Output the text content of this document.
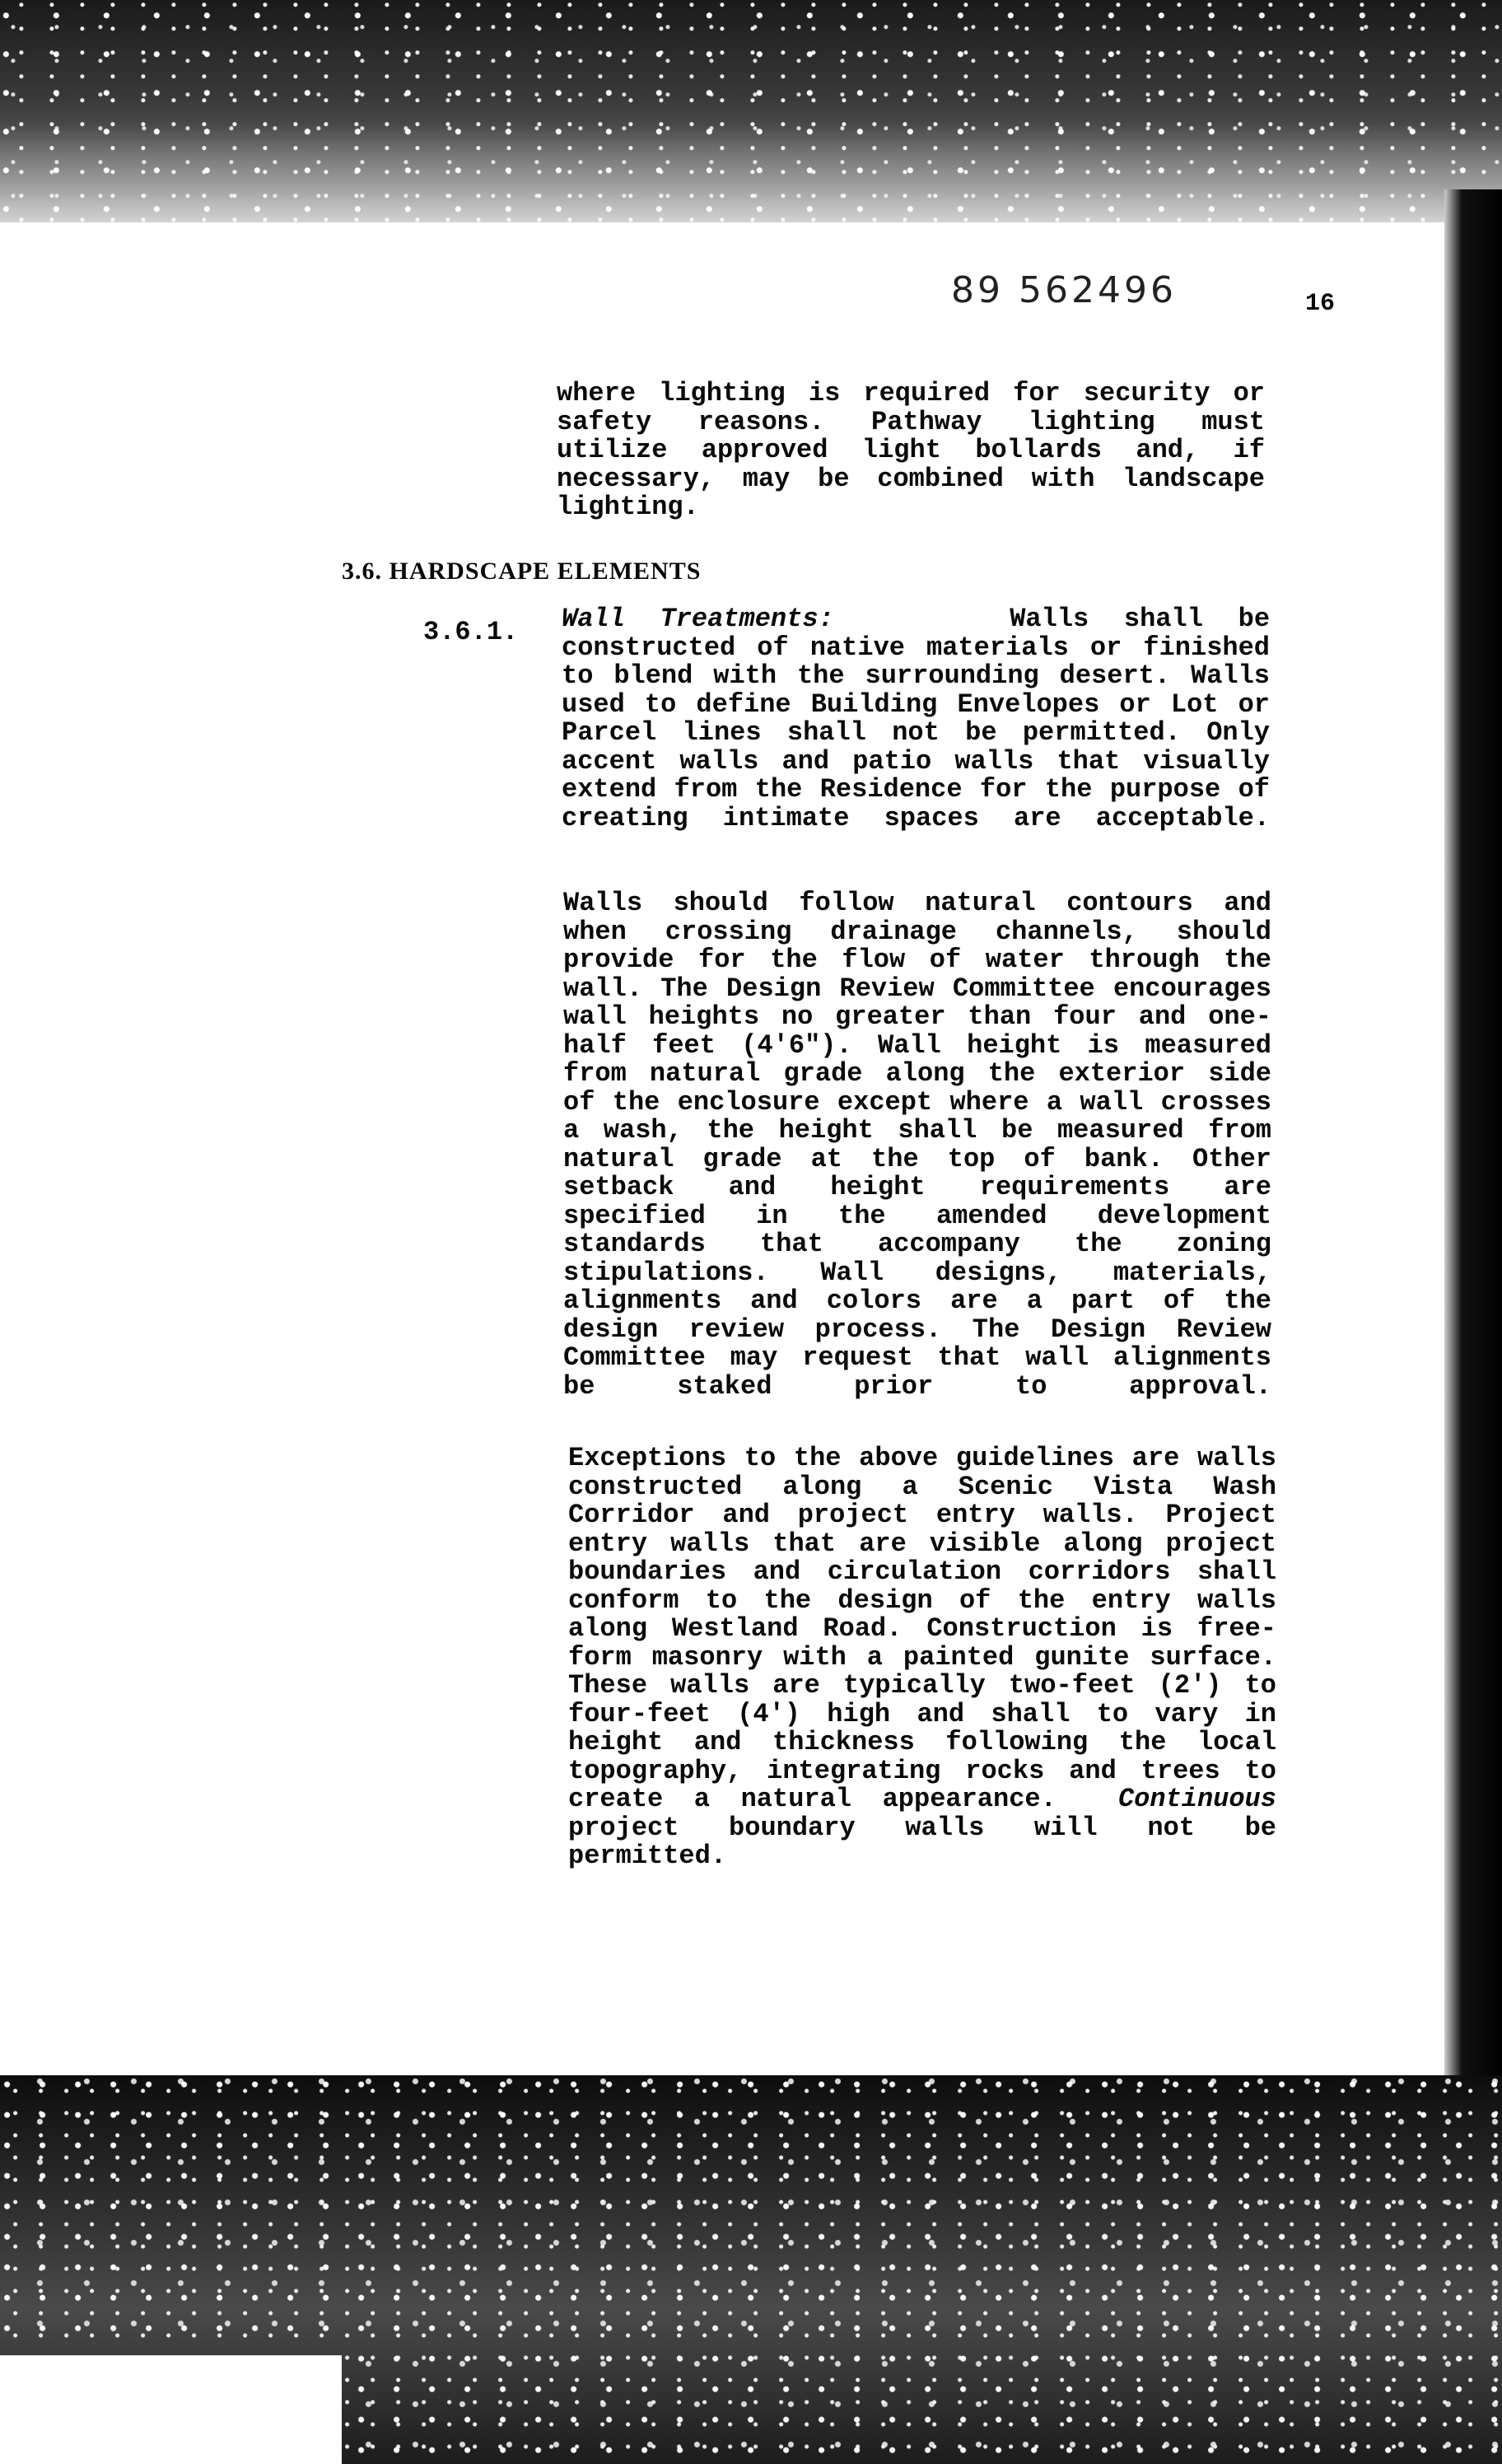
89 562496	16

where lighting is required for security or safety reasons. Pathway lighting must utilize approved light bollards and, if necessary, may be combined with landscape lighting.

3.6. HARDSCAPE ELEMENTS
3.6.1. Wall Treatments:	Walls shall be constructed of native materials or finished to blend with the surrounding desert. Walls used to define Building Envelopes or Lot or Parcel lines shall not be permitted. Only accent walls and patio walls that visually extend from the Residence for the purpose of creating intimate spaces are acceptable.

Walls should follow natural contours and when crossing drainage channels, should provide for the flow of water through the wall. The Design Review Committee encourages wall heights no greater than four and one-half feet (4'6"). Wall height is measured from natural grade along the exterior side of the enclosure except where a wall crosses a wash, the height shall be measured from natural grade at the top of bank. Other setback and height requirements are specified in the amended development standards that accompany the zoning stipulations. Wall designs, materials, alignments and colors are a part of the design review process. The Design Review Committee may request that wall alignments be staked prior to approval.

Exceptions to the above guidelines are walls constructed along a Scenic Vista Wash Corridor and project entry walls. Project entry walls that are visible along project boundaries and circulation corridors shall conform to the design of the entry walls along Westland Road. Construction is free-form masonry with a painted gunite surface. These walls are typically two-feet (2') to four-feet (4') high and shall to vary in height and thickness following the local topography, integrating rocks and trees to create a natural appearance. Continuous project boundary walls will not be permitted.
